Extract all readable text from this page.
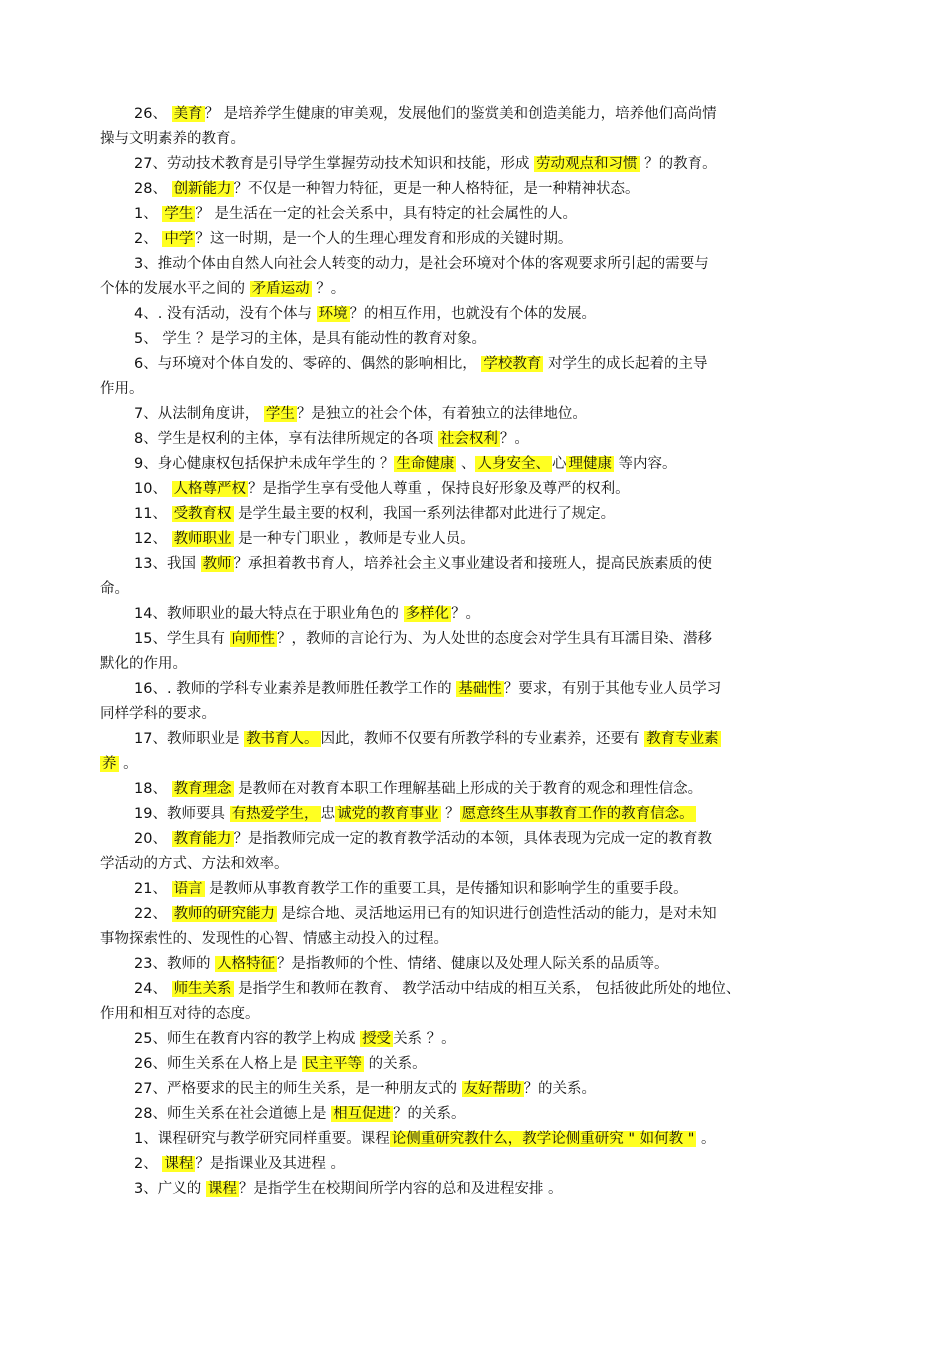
26、 美育 ？ 是培养学生健康的审美观，发展他们的鉴赏美和创造美能力，培养他们高尚情
操与文明素养的教育。
27、劳动技术教育是引导学生掌握劳动技术知识和技能，形成 劳动观点和习惯 ？的教育。
28、 创新能力 ？不仅是一种智力特征，更是一种人格特征，是一种精神状态。
1、 学生 ？ 是生活在一定的社会关系中，具有特定的社会属性的人。
2、 中学 ？这一时期，是一个人的生理心理发育和形成的关键时期。
3、推动个体由自然人向社会人转变的动力，是社会环境对个体的客观要求所引起的需要与
个体的发展水平之间的 矛盾运动 ？。
4、. 没有活动，没有个体与 环境 ？的相互作用，也就没有个体的发展。
5、 学生 ？是学习的主体，是具有能动性的教育对象。
6、与环境对个体自发的、零碎的、偶然的影响相比， 学校教育 对学生的成长起着的主导
作用。
7、从法制角度讲， 学生 ？是独立的社会个体，有着独立的法律地位。
8、学生是权利的主体，享有法律所规定的各项 社会权利 ？。
9、身心健康权包括保护未成年学生的 ？ 生命健康 、 人身安全、 心 理健康 等内容。
10、 人格尊严权 ？是指学生享有受他人尊重 ，保持良好形象及尊严的权利。
11、 受教育权 是学生最主要的权利，我国一系列法律都对此进行了规定。
12、 教师职业 是一种专门职业 ，教师是专业人员。
13、我国 教师 ？承担着教书育人，培养社会主义事业建设者和接班人，提高民族素质的使
命。
14、教师职业的最大特点在于职业角色的 多样化 ？。
15、学生具有 向师性 ？，教师的言论行为、为人处世的态度会对学生具有耳濡目染、潜移
默化的作用。
16、. 教师的学科专业素养是教师胜任教学工作的 基础性 ？要求，有别于其他专业人员学习
同样学科的要求。
17、教师职业是 教书育人。 因此，教师不仅要有所教学科的专业素养，还要有 教育专业素
养 。
18、 教育理念 是教师在对教育本职工作理解基础上形成的关于教育的观念和理性信念。
19、教师要具 有热爱学生， 忠 诚党的教育事业 ？ 愿意终生从事教育工作的教育信念。
20、 教育能力 ？是指教师完成一定的教育教学活动的本领，具体表现为完成一定的教育教
学活动的方式、方法和效率。
21、 语言 是教师从事教育教学工作的重要工具，是传播知识和影响学生的重要手段。
22、 教师的研究能力 是综合地、灵活地运用已有的知识进行创造性活动的能力，是对未知
事物探索性的、发现性的心智、情感主动投入的过程。
23、教师的 人格特征 ？是指教师的个性、情绪、健康以及处理人际关系的品质等。
24、 师生关系 是指学生和教师在教育、 教学活动中结成的相互关系， 包括彼此所处的地位、
作用和相互对待的态度。
25、师生在教育内容的教学上构成 授受 关系 ？。
26、师生关系在人格上是 民主平等 的关系。
27、严格要求的民主的师生关系，是一种朋友式的 友好帮助 ？的关系。
28、师生关系在社会道德上是 相互促进 ？的关系。
1、课程研究与教学研究同样重要。课程 论侧重研究教什么，教学论侧重研究 " 如何教 " 。
2、 课程 ？是指课业及其进程 。
3、广义的 课程 ？是指学生在校期间所学内容的总和及进程安排 。
